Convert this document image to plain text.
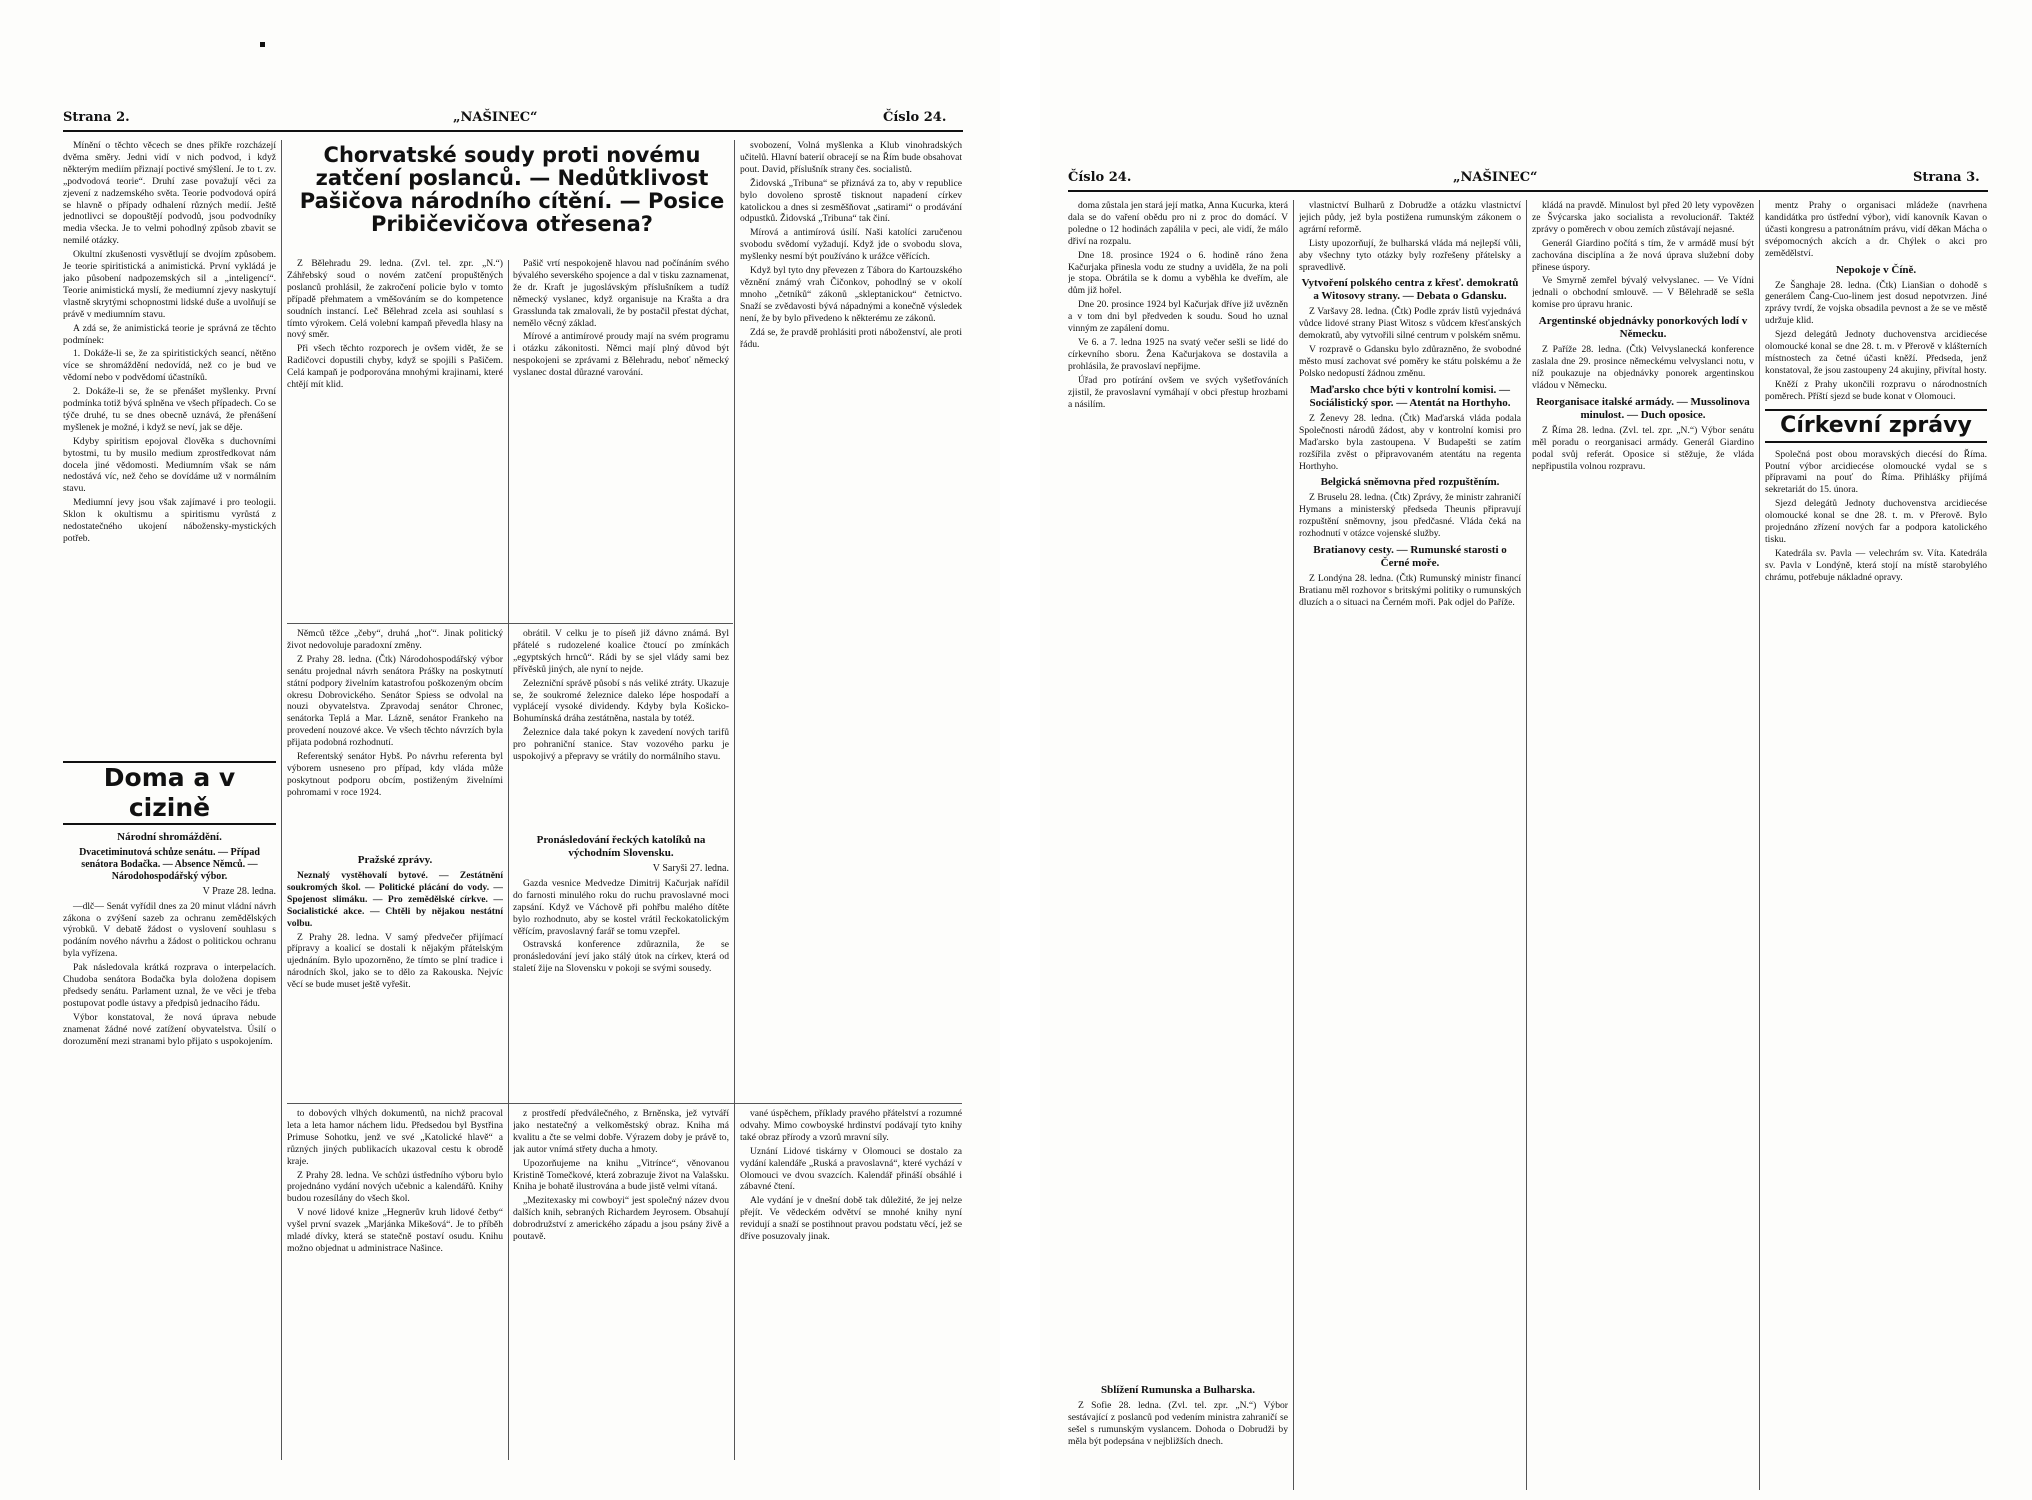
Strana 2.	„NAŠINEC“	Číslo 24.

Mínění o těchto věcech se dnes příkře rozcházejí dvěma směry. Jedni vidí v nich podvod, i když některým mediím přiznají poctivé smýšlení. Je to t. zv. „podvodová teorie“. Druhí zase považují věci za zjevení z nadzemského světa. Teorie podvodová opírá se hlavně o případy odhalení různých medií. Ještě jednotlivci se dopouštějí podvodů, jsou podvodníky media všecka. Je to velmi pohodlný způsob zbavit se nemilé otázky.

Okultní zkušenosti vysvětlují se dvojím způsobem. Je teorie spiritistická a animistická. První vykládá je jako působení nadpozemských sil a „inteligencí“. Teorie animistická myslí, že mediumní zjevy naskytují vlastně skrytými schopnostmi lidské duše a uvolňují se právě v mediumním stavu.

A zdá se, že animistická teorie je správná ze těchto podmínek:

1. Dokáže-li se, že za spiritistických seancí, nětěno více se shromáždění nedovídá, než co je bud ve vědomí nebo v podvědomí účastníků.

2. Dokáže-li se, že se přenášet myšlenky. První podmínka totiž bývá splněna ve všech případech. Co se týče druhé, tu se dnes obecně uznává, že přenášení myšlenek je možné, i když se neví, jak se děje.

Kdyby spiritism epojoval člověka s duchovními bytostmi, tu by musilo medium zprostředkovat nám docela jiné vědomosti. Mediumním však se nám nedostává víc, než čeho se dovídáme už v normálním stavu.

Mediumní jevy jsou však zajímavé i pro teologii. Sklon k okultismu a spiritismu vyrůstá z nedostatečného ukojení nábožensky-mystických potřeb.

Doma a v cizině
Národní shromáždění.
Dvacetiminutová schůze senátu. — Případ senátora Bodačka. — Absence Němců. — Národohospodářský výbor.
V Praze 28. ledna.

—dlč— Senát vyřídil dnes za 20 minut vládní návrh zákona o zvýšení sazeb za ochranu zemědělských výrobků. V debatě žádost o vyslovení souhlasu s podáním nového návrhu a žádost o politickou ochranu byla vyřízena.

Pak následovala krátká rozprava o interpelacích. Chudoba senátora Bodačka byla doložena dopisem předsedy senátu. Parlament uznal, že ve věci je třeba postupovat podle ústavy a předpisů jednacího řádu.

Výbor konstatoval, že nová úprava nebude znamenat žádné nové zatížení obyvatelstva. Úsilí o dorozumění mezi stranami bylo přijato s uspokojením.

Chorvatské soudy proti novému zatčení poslanců. — Nedůtklivost Pašičova národního cítění. — Posice Pribičevičova otřesena?

Z Bělehradu 29. ledna. (Zvl. tel. zpr. „N.“) Záhřebský soud o novém zatčení propuštěných poslanců prohlásil, že zakročení policie bylo v tomto případě přehmatem a vměšováním se do kompetence soudních instancí. Leč Bělehrad zcela asi souhlasí s tímto výrokem. Celá volební kampaň převedla hlasy na nový směr.

Při všech těchto rozporech je ovšem vidět, že se Radičovci dopustili chyby, když se spojili s Pašičem. Celá kampaň je podporována mnohými krajinami, které chtějí mít klid.

Pašič vrtí nespokojeně hlavou nad počínáním svého bývalého severského spojence a dal v tisku zaznamenat, že dr. Kraft je jugoslávským příslušníkem a tudíž německý vyslanec, když organisuje na Krašta a dra Grasslunda tak zmalovali, že by postačil přestat dýchat, nemělo věcný základ.

Mírové a antimírové proudy mají na svém programu i otázku zákonitosti. Němci mají plný důvod být nespokojeni se zprávami z Bělehradu, neboť německý vyslanec dostal důrazné varování.

Němců těžce „čeby“, druhá „hoť“. Jinak politický život nedovoluje paradoxní změny.

Z Prahy 28. ledna. (Čtk) Národohospodářský výbor senátu projednal návrh senátora Prášky na poskytnutí státní podpory živelním katastrofou poškozeným obcím okresu Dobrovického. Senátor Spiess se odvolal na nouzi obyvatelstva. Zpravodaj senátor Chronec, senátorka Teplá a Mar. Lázně, senátor Frankeho na provedení nouzové akce. Ve všech těchto návrzích byla přijata podobná rozhodnutí.

Referentský senátor Hybš. Po návrhu referenta byl výborem usneseno pro případ, kdy vláda může poskytnout podporu obcím, postiženým živelními pohromami v roce 1924.

Pražské zprávy.

Neznalý vystěhovalí bytové. — Zestátnění soukromých škol. — Politické plácání do vody. — Spojenost slimáku. — Pro zemědělské církve. — Socialistické akce. — Chtěli by nějakou nestátní volbu.

Z Prahy 28. ledna. V samý předvečer přijímací přípravy a koalicí se dostali k nějakým přátelským ujednáním. Bylo upozorněno, že tímto se plní tradice i národních škol, jako se to dělo za Rakouska. Nejvíc věcí se bude muset ještě vyřešit.

obrátil. V celku je to píseň již dávno známá. Byl přátelé s rudozelené koalice čtoucí po zmínkách „egyptských hrnců“. Rádi by se sjel vlády sami bez přívěsků jiných, ale nyní to nejde.

Zelezniční správě působí s nás veliké ztráty. Ukazuje se, že soukromé železnice daleko lépe hospodaří a vyplácejí vysoké dividendy. Kdyby byla Košicko-Bohumínská dráha zestátněna, nastala by totéž.

Železnice dala také pokyn k zavedení nových tarifů pro pohraniční stanice. Stav vozového parku je uspokojivý a přepravy se vrátily do normálního stavu.

Pronásledování řeckých katolíků na východním Slovensku.
V Saryši 27. ledna.

Gazda vesnice Medvedze Dimitrij Kačurjak nařídil do farnosti minulého roku do ruchu pravoslavné moci zapsání. Když ve Váchově při pohřbu malého dítěte bylo rozhodnuto, aby se kostel vrátil řeckokatolickým věřícím, pravoslavný farář se tomu vzepřel.

Ostravská konference zdůraznila, že se pronásledování jeví jako stálý útok na církev, která od staletí žije na Slovensku v pokoji se svými sousedy.

svobození, Volná myšlenka a Klub vinohradských učitelů. Hlavní baterií obracejí se na Řím bude obsahovat pout. David, příslušník strany čes. socialistů.

Židovská „Tribuna“ se přiznává za to, aby v republice bylo dovoleno sprostě tisknout napadení církev katolickou a dnes si zesměšňovat „satirami“ o prodávání odpustků. Židovská „Tribuna“ tak činí.

Mírová a antimírová úsilí. Naši katolíci zaručenou svobodu svědomí vyžadují. Když jde o svobodu slova, myšlenky nesmí být používáno k urážce věřících.

Když byl tyto dny převezen z Tábora do Kartouzského věznění známý vrah Čičonkov, pohodlný se v okolí mnoho „četníků“ zákonů „skleptanickou“ četnictvo. Snaží se zvědavosti bývá nápadnými a konečně výsledek není, že by bylo přivedeno k některému ze zákonů.

Zdá se, že pravdě prohlásiti proti náboženství, ale proti řádu.

to dobových vlhých dokumentů, na nichž pracoval leta a leta hamor náchem lidu. Předsedou byl Bystřina Primuse Sohotku, jenž ve své „Katolické hlavě“ a různých jiných publikacích ukazoval cestu k obrodě kraje.

Z Prahy 28. ledna. Ve schůzi ústředního výboru bylo projednáno vydání nových učebnic a kalendářů. Knihy budou rozesílány do všech škol.

V nové lidové knize „Hegnerův kruh lidové četby“ vyšel první svazek „Marjánka Mikešová“. Je to příběh mladé dívky, která se statečně postaví osudu. Knihu možno objednat u administrace Našince.

z prostředí předválečného, z Brněnska, jež vytváří jako nestatečný a velkoměstský obraz. Kniha má kvalitu a čte se velmi dobře. Výrazem doby je právě to, jak autor vnímá střety ducha a hmoty.

Upozorňujeme na knihu „Vitrínce“, věnovanou Kristině Tomečkové, která zobrazuje život na Valašsku. Kniha je bohatě ilustrována a bude jistě velmi vítaná.

„Mezitexasky mi cowboyi“ jest společný název dvou dalších knih, sebraných Richardem Jeyrosem. Obsahují dobrodružství z amerického západu a jsou psány živě a poutavě.

vané úspěchem, příklady pravého přátelství a rozumné odvahy. Mimo cowboyské hrdinství podávají tyto knihy také obraz přírody a vzorů mravní síly.

Uznání Lidové tiskárny v Olomouci se dostalo za vydání kalendáře „Ruská a pravoslavná“, které vychází v Olomouci ve dvou svazcích. Kalendář přináší obsáhlé i zábavné čtení.

Ale vydání je v dnešní době tak důležité, že jej nelze přejít. Ve vědeckém odvětví se mnohé knihy nyní revidují a snaží se postihnout pravou podstatu věcí, jež se dříve posuzovaly jinak.

Číslo 24.	„NAŠINEC“	Strana 3.

doma zůstala jen stará její matka, Anna Kucurka, která dala se do vaření obědu pro ni z proc do domácí. V poledne o 12 hodinách zapálila v peci, ale vidí, že málo dřiví na rozpalu.

Dne 18. prosince 1924 o 6. hodině ráno žena Kačurjaka přinesla vodu ze studny a uviděla, že na poli je stopa. Obrátila se k domu a vyběhla ke dveřím, ale dům již hořel.

Dne 20. prosince 1924 byl Kačurjak dříve již uvězněn a v tom dni byl předveden k soudu. Soud ho uznal vinným ze zapálení domu.

Ve 6. a 7. ledna 1925 na svatý večer sešli se lidé do církevního sboru. Žena Kačurjakova se dostavila a prohlásila, že pravoslaví nepřijme.

Úřad pro potírání ovšem ve svých vyšetřováních zjistil, že pravoslavní vymáhají v obci přestup hrozbami a násilím.

Sblížení Rumunska a Bulharska.

Z Sofie 28. ledna. (Zvl. tel. zpr. „N.“) Výbor sestávající z poslanců pod vedením ministra zahraničí se sešel s rumunským vyslancem. Dohoda o Dobrudži by měla být podepsána v nejbližších dnech.

vlastnictví Bulharů z Dobrudže a otázku vlastnictví jejich půdy, jež byla postižena rumunským zákonem o agrární reformě.

Listy upozorňují, že bulharská vláda má nejlepší vůli, aby všechny tyto otázky byly rozřešeny přátelsky a spravedlivě.

Vytvoření polského centra z křesť. demokratů a Witosovy strany. — Debata o Gdansku.

Z Varšavy 28. ledna. (Čtk) Podle zpráv listů vyjednává vůdce lidové strany Piast Witosz s vůdcem křesťanských demokratů, aby vytvořili silné centrum v polském sněmu.

V rozpravě o Gdansku bylo zdůrazněno, že svobodné město musí zachovat své poměry ke státu polskému a že Polsko nedopustí žádnou změnu.

Maďarsko chce býti v kontrolní komisi. — Sociálistický spor. — Atentát na Horthyho.

Z Ženevy 28. ledna. (Čtk) Maďarská vláda podala Společnosti národů žádost, aby v kontrolní komisi pro Maďarsko byla zastoupena. V Budapešti se zatím rozšířila zvěst o připravovaném atentátu na regenta Horthyho.

Belgická sněmovna před rozpuštěním.

Z Bruselu 28. ledna. (Čtk) Zprávy, že ministr zahraničí Hymans a ministerský předseda Theunis připravují rozpuštění sněmovny, jsou předčasné. Vláda čeká na rozhodnutí v otázce vojenské služby.

Bratianovy cesty. — Rumunské starosti o Černé moře.

Z Londýna 28. ledna. (Čtk) Rumunský ministr financí Bratianu měl rozhovor s britskými politiky o rumunských dluzích a o situaci na Černém moři. Pak odjel do Paříže.

kládá na pravdě. Minulost byl před 20 lety vypovězen ze Švýcarska jako socialista a revolucionář. Taktéž zprávy o poměrech v obou zemích zůstávají nejasné.

Generál Giardino počítá s tím, že v armádě musí být zachována disciplína a že nová úprava služební doby přinese úspory.

Ve Smyrně zemřel bývalý velvyslanec. — Ve Vídni jednali o obchodní smlouvě. — V Bělehradě se sešla komise pro úpravu hranic.

Argentinské objednávky ponorkových lodí v Německu.

Z Paříže 28. ledna. (Čtk) Velvyslanecká konference zaslala dne 29. prosince německému velvyslanci notu, v níž poukazuje na objednávky ponorek argentinskou vládou v Německu.

Reorganisace italské armády. — Mussolinova minulost. — Duch oposice.

Z Říma 28. ledna. (Zvl. tel. zpr. „N.“) Výbor senátu měl poradu o reorganisaci armády. Generál Giardino podal svůj referát. Oposice si stěžuje, že vláda nepřipustila volnou rozpravu.

mentz Prahy o organisaci mládeže (navrhena kandidátka pro ústřední výbor), vidí kanovník Kavan o účasti kongresu a patronátním právu, vidí děkan Mácha o svépomocných akcích a dr. Chýlek o akci pro zemědělství.

Nepokoje v Číně.

Ze Šanghaje 28. ledna. (Čtk) Lianšian o dohodě s generálem Čang-Cuo-linem jest dosud nepotvrzen. Jiné zprávy tvrdí, že vojska obsadila pevnost a že se ve městě udržuje klid.

Sjezd delegátů Jednoty duchovenstva arcidiecése olomoucké konal se dne 28. t. m. v Přerově v klášterních místnostech za četné účasti kněží. Předseda, jenž konstatoval, že jsou zastoupeny 24 akujiny, přivítal hosty.

Kněží z Prahy ukončili rozpravu o národnostních poměrech. Příští sjezd se bude konat v Olomouci.

Církevní zprávy

Společná post obou moravských diecésí do Říma. Poutní výbor arcidiecése olomoucké vydal se s přípravami na pouť do Říma. Přihlášky přijímá sekretariát do 15. února.

Sjezd delegátů Jednoty duchovenstva arcidiecése olomoucké konal se dne 28. t. m. v Přerově. Bylo projednáno zřízení nových far a podpora katolického tisku.

Katedrála sv. Pavla — velechrám sv. Víta. Katedrála sv. Pavla v Londýně, která stojí na místě starobylého chrámu, potřebuje nákladné opravy.
